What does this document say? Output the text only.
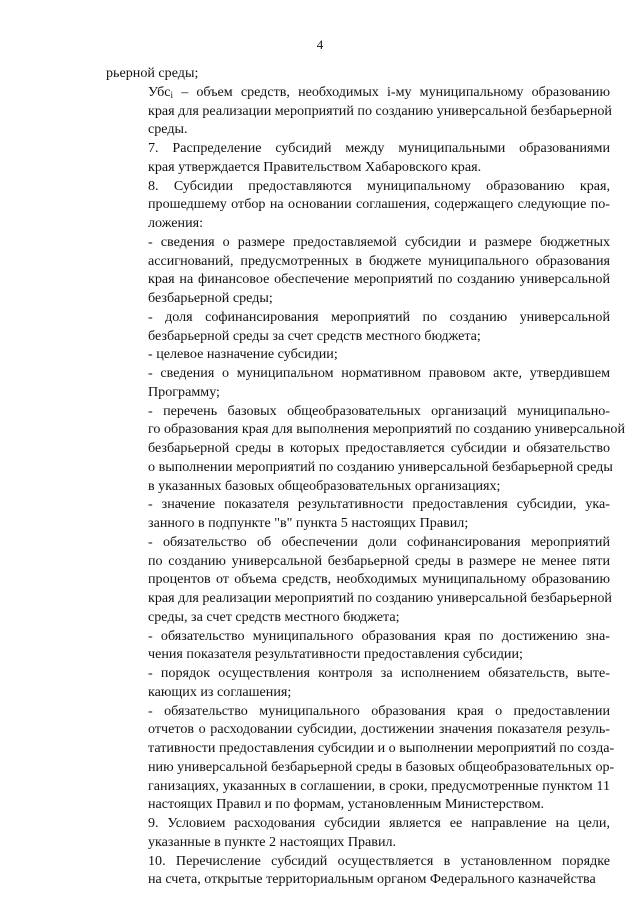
4
рьерной среды;
Убс$_i$ – объем средств, необходимых i-му муниципальному образованию
края для реализации мероприятий по созданию универсальной безбарьерной
среды.
7. Распределение субсидий между муниципальными образованиями
края утверждается Правительством Хабаровского края.
8. Субсидии предоставляются муниципальному образованию края,
прошедшему отбор на основании соглашения, содержащего следующие по-
ложения:
- сведения о размере предоставляемой субсидии и размере бюджетных
ассигнований, предусмотренных в бюджете муниципального образования
края на финансовое обеспечение мероприятий по созданию универсальной
безбарьерной среды;
- доля софинансирования мероприятий по созданию универсальной
безбарьерной среды за счет средств местного бюджета;
- целевое назначение субсидии;
- сведения о муниципальном нормативном правовом акте, утвердившем
Программу;
- перечень базовых общеобразовательных организаций муниципально-
го образования края для выполнения мероприятий по созданию универсальной
безбарьерной среды в которых предоставляется субсидии и обязательство
о выполнении мероприятий по созданию универсальной безбарьерной среды
в указанных базовых общеобразовательных организациях;
- значение показателя результативности предоставления субсидии, ука-
занного в подпункте "в" пункта 5 настоящих Правил;
- обязательство об обеспечении доли софинансирования мероприятий
по созданию универсальной безбарьерной среды в размере не менее пяти
процентов от объема средств, необходимых муниципальному образованию
края для реализации мероприятий по созданию универсальной безбарьерной
среды, за счет средств местного бюджета;
- обязательство муниципального образования края по достижению зна-
чения показателя результативности предоставления субсидии;
- порядок осуществления контроля за исполнением обязательств, выте-
кающих из соглашения;
- обязательство муниципального образования края о предоставлении
отчетов о расходовании субсидии, достижении значения показателя резуль-
тативности предоставления субсидии и о выполнении мероприятий по созда-
нию универсальной безбарьерной среды в базовых общеобразовательных ор-
ганизациях, указанных в соглашении, в сроки, предусмотренные пунктом 11
настоящих Правил и по формам, установленным Министерством.
9. Условием расходования субсидии является ее направление на цели,
указанные в пункте 2 настоящих Правил.
10. Перечисление субсидий осуществляется в установленном порядке
на счета, открытые территориальным органом Федерального казначейства
